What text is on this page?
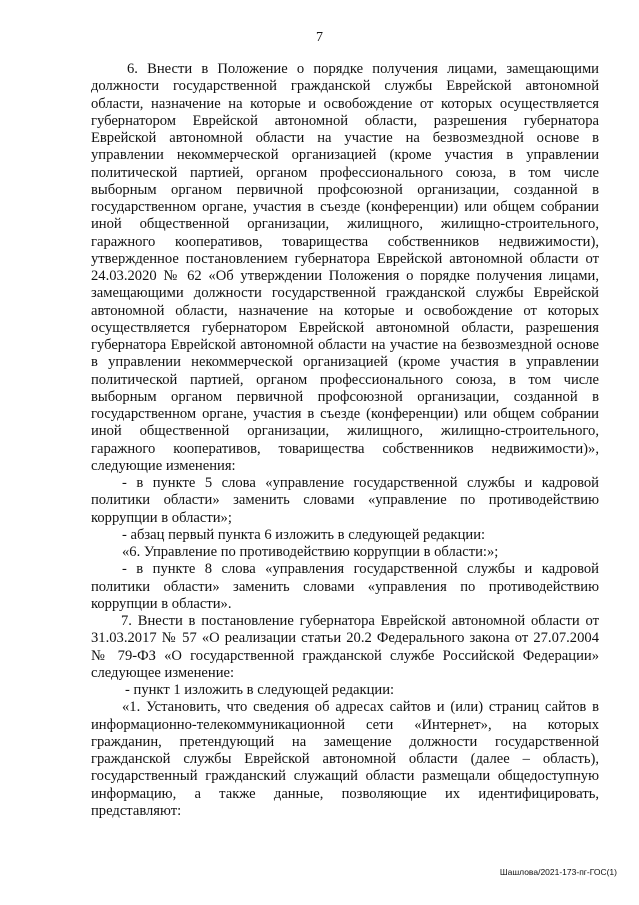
7

6. Внести в Положение о порядке получения лицами, замещающими должности государственной гражданской службы Еврейской автономной области, назначение на которые и освобождение от которых осуществляется губернатором Еврейской автономной области, разрешения губернатора Еврейской автономной области на участие на безвозмездной основе в управлении некоммерческой организацией (кроме участия в управлении политической партией, органом профессионального союза, в том числе выборным органом первичной профсоюзной организации, созданной в государственном органе, участия в съезде (конференции) или общем собрании иной общественной организации, жилищного, жилищно-строительного, гаражного кооперативов, товарищества собственников недвижимости), утвержденное постановлением губернатора Еврейской автономной области от 24.03.2020 № 62 «Об утверждении Положения о порядке получения лицами, замещающими должности государственной гражданской службы Еврейской автономной области, назначение на которые и освобождение от которых осуществляется губернатором Еврейской автономной области, разрешения губернатора Еврейской автономной области на участие на безвозмездной основе в управлении некоммерческой организацией (кроме участия в управлении политической партией, органом профессионального союза, в том числе выборным органом первичной профсоюзной организации, созданной в государственном органе, участия в съезде (конференции) или общем собрании иной общественной организации, жилищного, жилищно-строительного, гаражного кооперативов, товарищества собственников недвижимости)», следующие изменения:

- в пункте 5 слова «управление государственной службы и кадровой политики области» заменить словами «управление по противодействию коррупции в области»;

- абзац первый пункта 6 изложить в следующей редакции:

«6. Управление по противодействию коррупции в области:»;

- в пункте 8 слова «управления государственной службы и кадровой политики области» заменить словами «управления по противодействию коррупции в области».

7. Внести в постановление губернатора Еврейской автономной области от 31.03.2017 № 57 «О реализации статьи 20.2 Федерального закона от 27.07.2004 № 79-ФЗ «О государственной гражданской службе Российской Федерации» следующее изменение:

- пункт 1 изложить в следующей редакции:

«1. Установить, что сведения об адресах сайтов и (или) страниц сайтов в информационно-телекоммуникационной сети «Интернет», на которых гражданин, претендующий на замещение должности государственной гражданской службы Еврейской автономной области (далее – область), государственный гражданский служащий области размещали общедоступную информацию, а также данные, позволяющие их идентифицировать, представляют:

Шашлова/2021-173-пг-ГОС(1)
